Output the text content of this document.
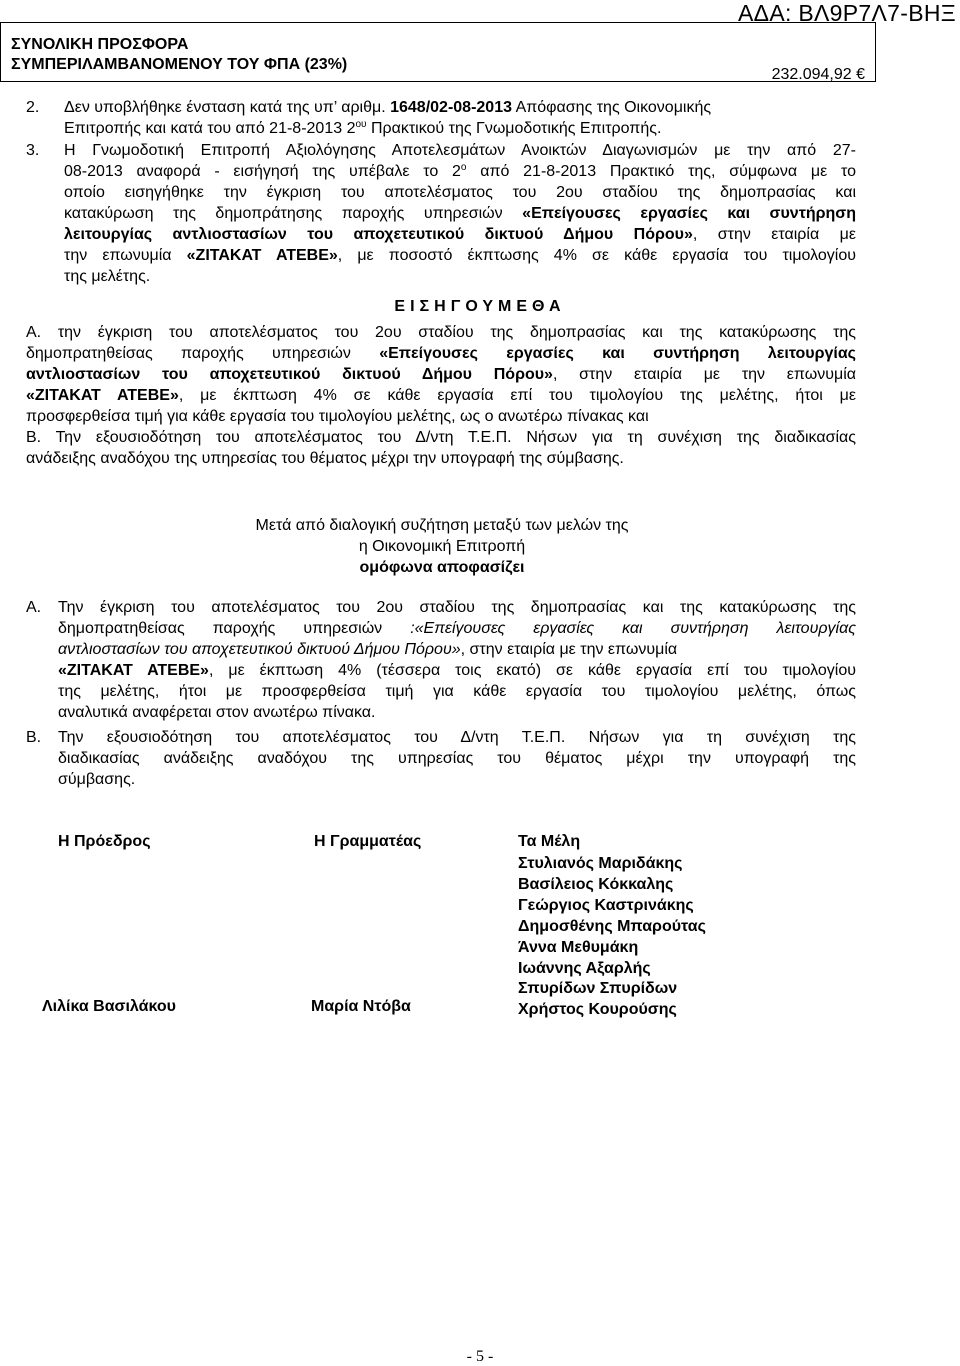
ΑΔΑ: ΒΛ9Ρ7Λ7-ΒΗΞ
ΣΥΝΟΛΙΚΗ ΠΡΟΣΦΟΡΑ
ΣΥΜΠΕΡΙΛΑΜΒΑΝΟΜΕΝΟΥ ΤΟΥ ΦΠΑ (23%)
232.094,92 €
2. Δεν υποβλήθηκε ένσταση κατά της υπ’ αριθμ. 1648/02-08-2013 Απόφασης της Οικονομικής
Επιτροπής και κατά του από 21-8-2013 $2^{o\upsilon}$ Πρακτικού της Γνωμοδοτικής Επιτροπής.
3. Η Γνωμοδοτική Επιτροπή Αξιολόγησης Αποτελεσμάτων Ανοικτών Διαγωνισμών με την από 27-
08-2013 αναφορά - εισήγησή της υπέβαλε το $2^o$ από 21-8-2013 Πρακτικό της, σύμφωνα με το
οποίο εισηγήθηκε την έγκριση του αποτελέσματος του 2ου σταδίου της δημοπρασίας και
κατακύρωση της δημοπράτησης παροχής υπηρεσιών «Επείγουσες εργασίες και συντήρηση
λειτουργίας αντλιοστασίων του αποχετευτικού δικτυού Δήμου Πόρου», στην εταιρία με
την επωνυμία «ΖΙΤΑΚΑΤ ΑΤΕΒΕ», με ποσοστό έκπτωσης 4% σε κάθε εργασία του τιμολογίου
της μελέτης.
ΕΙΣΗΓΟΥΜΕΘΑ
Α. την έγκριση του αποτελέσματος του 2ου σταδίου της δημοπρασίας και της κατακύρωσης της
δημοπρατηθείσας παροχής υπηρεσιών «Επείγουσες εργασίες και συντήρηση λειτουργίας
αντλιοστασίων του αποχετευτικού δικτυού Δήμου Πόρου», στην εταιρία με την επωνυμία
«ΖΙΤΑΚΑΤ ΑΤΕΒΕ», με έκπτωση 4% σε κάθε εργασία επί του τιμολογίου της μελέτης, ήτοι με
προσφερθείσα τιμή για κάθε εργασία του τιμολογίου μελέτης, ως ο ανωτέρω πίνακας και
Β. Την εξουσιοδότηση του αποτελέσματος του Δ/ντη Τ.Ε.Π. Νήσων για τη συνέχιση της διαδικασίας
ανάδειξης αναδόχου της υπηρεσίας του θέματος μέχρι την υπογραφή της σύμβασης.
Μετά από διαλογική συζήτηση μεταξύ των μελών της
η Οικονομική Επιτροπή
ομόφωνα αποφασίζει
Α. Την έγκριση του αποτελέσματος του 2ου σταδίου της δημοπρασίας και της κατακύρωσης της
δημοπρατηθείσας παροχής υπηρεσιών :«Επείγουσες εργασίες και συντήρηση λειτουργίας
αντλιοστασίων του αποχετευτικού δικτυού Δήμου Πόρου», στην εταιρία με την επωνυμία
«ΖΙΤΑΚΑΤ ΑΤΕΒΕ», με έκπτωση 4% (τέσσερα τοις εκατό) σε κάθε εργασία επί του τιμολογίου
της μελέτης, ήτοι με προσφερθείσα τιμή για κάθε εργασία του τιμολογίου μελέτης, όπως
αναλυτικά αναφέρεται στον ανωτέρω πίνακα.
Β. Την εξουσιοδότηση του αποτελέσματος του Δ/ντη Τ.Ε.Π. Νήσων για τη συνέχιση της
διαδικασίας ανάδειξης αναδόχου της υπηρεσίας του θέματος μέχρι την υπογραφή της
σύμβασης.
Η Πρόεδρος	Η Γραμματέας	Τα Μέλη
Στυλιανός Μαριδάκης
Βασίλειος Κόκκαλης
Γεώργιος Καστρινάκης
Δημοσθένης Μπαρούτας
Άννα Μεθυμάκη
Ιωάννης Αξαρλής
Σπυρίδων Σπυρίδων
Χρήστος Κουρούσης
Λιλίκα Βασιλάκου	Μαρία Ντόβα
- 5 -
